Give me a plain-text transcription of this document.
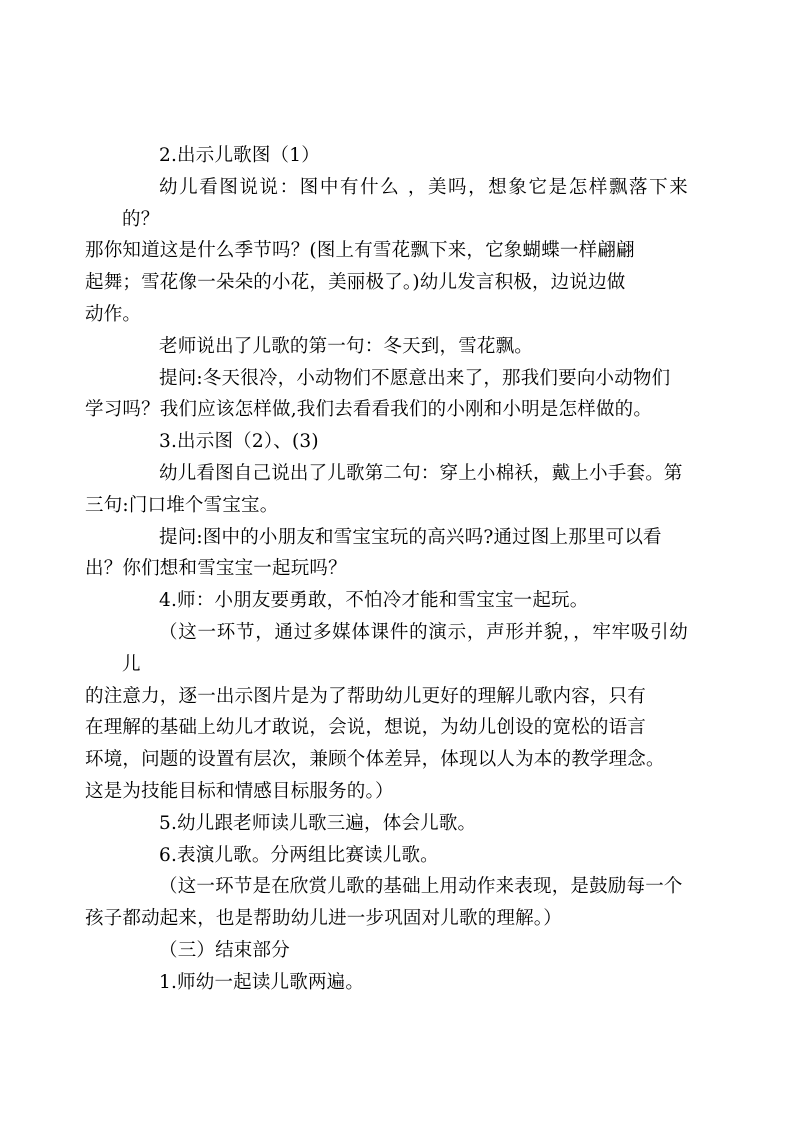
2.出示儿歌图（1）

幼儿看图说说：图中有什么 ，美吗，想象它是怎样飘落下来的？
那你知道这是什么季节吗？(图上有雪花飘下来，它象蝴蝶一样翩翩
起舞；雪花像一朵朵的小花，美丽极了。)幼儿发言积极，边说边做
动作。

老师说出了儿歌的第一句：冬天到，雪花飘。

提问:冬天很冷，小动物们不愿意出来了，那我们要向小动物们
学习吗？我们应该怎样做,我们去看看我们的小刚和小明是怎样做的。

3.出示图（2）、(3)

幼儿看图自己说出了儿歌第二句：穿上小棉袄，戴上小手套。第
三句:门口堆个雪宝宝。

提问:图中的小朋友和雪宝宝玩的高兴吗?通过图上那里可以看
出？你们想和雪宝宝一起玩吗？

4.师：小朋友要勇敢，不怕冷才能和雪宝宝一起玩。

（这一环节，通过多媒体课件的演示，声形并貌，，牢牢吸引幼儿
的注意力，逐一出示图片是为了帮助幼儿更好的理解儿歌内容，只有
在理解的基础上幼儿才敢说，会说，想说，为幼儿创设的宽松的语言
环境，问题的设置有层次，兼顾个体差异，体现以人为本的教学理念。
这是为技能目标和情感目标服务的。）

5.幼儿跟老师读儿歌三遍，体会儿歌。

6.表演儿歌。分两组比赛读儿歌。

（这一环节是在欣赏儿歌的基础上用动作来表现，是鼓励每一个
孩子都动起来，也是帮助幼儿进一步巩固对儿歌的理解。）

（三）结束部分

1.师幼一起读儿歌两遍。
